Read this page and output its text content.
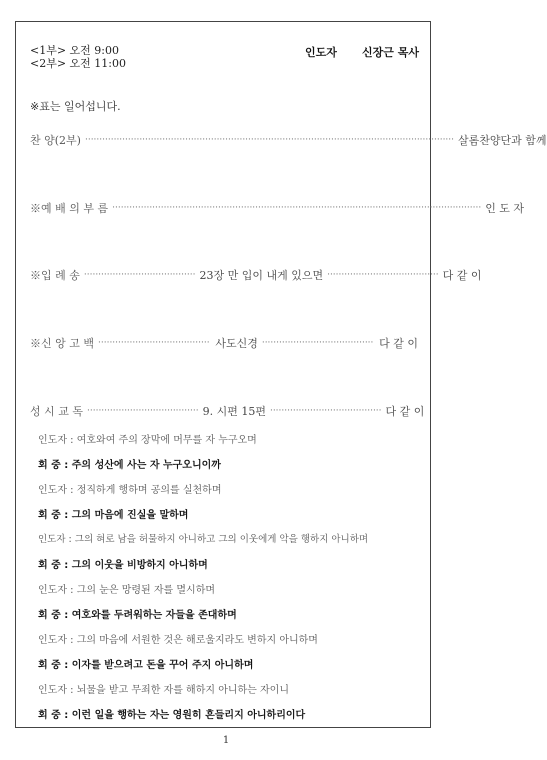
<1부> 오전 9:00
<2부> 오전 11:00
인도자 신장근 목사
※표는 일어섭니다.
찬 양(2부) ································································································································· 살롬찬양단과 함께
※예 배 의 부 름 ································································································································· 인 도 자
※입 례 송 ······································· 23장 만 입이 내게 있으면 ······································· 다 같 이
※신 앙 고 백 ······································· 사도신경 ······································· 다 같 이
성 시 교 독 ······································· 9. 시편 15편 ······································· 다 같 이
인도자 : 여호와여 주의 장막에 머무를 자 누구오며
회 중 : 주의 성산에 사는 자 누구오니이까
인도자 : 정직하게 행하며 공의를 실천하며
회 중 : 그의 마음에 진실을 말하며
인도자 : 그의 혀로 남을 허물하지 아니하고 그의 이웃에게 악을 행하지 아니하며
회 중 : 그의 이웃을 비방하지 아니하며
인도자 : 그의 눈은 망령된 자를 멸시하며
회 중 : 여호와를 두려워하는 자들을 존대하며
인도자 : 그의 마음에 서원한 것은 해로울지라도 변하지 아니하며
회 중 : 이자를 받으려고 돈을 꾸어 주지 아니하며
인도자 : 뇌물을 받고 무죄한 자를 해하지 아니하는 자이니
회 중 : 이런 일을 행하는 자는 영원히 흔들리지 아니하리이다
1
